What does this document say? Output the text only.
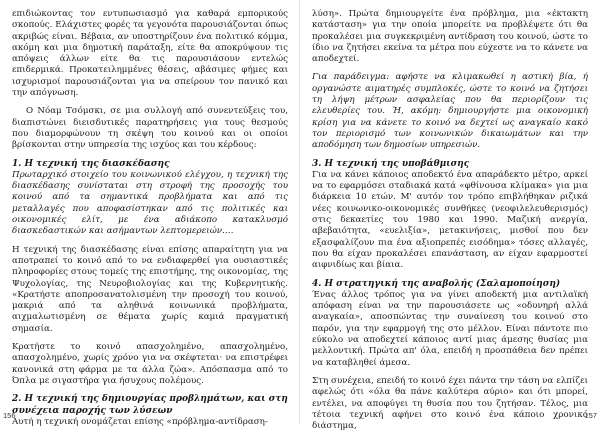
επιδιώκοντας τον εντυπωσιασμό για καθαρά εμπορικούς σκοπούς. Ελάχιστες φορές τα γεγονότα παρουσιάζονται όπως ακριβώς είναι. Βέβαια, αν υποστηρίζουν ένα πολιτικό κόμμα, ακόμη και μια δημοτική παράταξη, είτε θα αποκρύψουν τις απόψεις άλλων είτε θα τις παρουσιάσουν εντελώς επιδερμικά. Προκατειλημμένες θέσεις, αβάσιμες φήμες και ισχυρισμοί παρουσιάζονται για να σπείρουν τον πανικό και την απόγνωση.

Ο Νόαμ Τσόμσκι, σε μια συλλογή από συνεντεύξεις του, διαπιστώνει διεισδυτικές παρατηρήσεις για τους θεσμούς που διαμορφώνουν τη σκέψη του κοινού και οι οποίοι βρίσκονται στην υπηρεσία της ισχύος και του κέρδους:

1. Η τεχνική της διασκέδασης

Πρωταρχικό στοιχείο του κοινωνικού ελέγχου, η τεχνική της διασκέδασης συνίσταται στη στροφή της προσοχής του κοινού από τα σημαντικά προβλήματα και από τις μεταλλαγές που αποφασίστηκαν από τις πολιτικές και οικονομικές ελίτ, με ένα αδιάκοπο κατακλυσμό διασκεδαστικών και ασήμαντων λεπτομερειών.…

Η τεχνική της διασκέδασης είναι επίσης απαραίτητη για να αποτραπεί το κοινό από το να ενδιαφερθεί για ουσιαστικές πληροφορίες στους τομείς της επιστήμης, της οικονομίας, της Ψυχολογίας, της Νευροβιολογίας και της Κυβερνητικής. «Κρατήστε αποπροσανατολισμένη την προσοχή του κοινού, μακριά από τα αληθινά κοινωνικά προβλήματα, αιχμαλωτισμένη σε θέματα χωρίς καμιά πραγματική σημασία.

Κρατήστε το κοινό απασχολημένο, απασχολημένο, απασχολημένο, χωρίς χρόνο για να σκέφτεται· να επιστρέφει κανονικά στη φάρμα με τα άλλα ζώα». Απόσπασμα από το Όπλα με σιγαστήρα για ήσυχους πολέμους.

2. Η τεχνική της δημιουργίας προβλημάτων, και στη συνέχεια παροχής των λύσεων

Αυτή η τεχνική ονομάζεται επίσης «πρόβλημα-αντίδραση-

λύση». Πρώτα δημιουργείτε ένα πρόβλημα, μια «έκτακτη κατάσταση» για την οποία μπορείτε να προβλέψετε ότι θα προκαλέσει μια συγκεκριμένη αντίδραση του κοινού, ώστε το ίδιο να ζητήσει εκείνα τα μέτρα που εύχεστε να το κάνετε να αποδεχτεί.

Για παράδειγμα: αφήστε να κλιμακωθεί η αστική βία, ή οργανώστε αιματηρές συμπλοκές, ώστε το κοινό να ζητήσει τη λήψη μέτρων ασφαλείας που θα περιορίζουν τις ελευθερίες του. Ή, ακόμη: δημιουργήστε μια οικονομική κρίση για να κάνετε το κοινό να δεχτεί ως αναγκαίο κακό τον περιορισμό των κοινωνικών δικαιωμάτων και την αποδόμηση των δημοσίων υπηρεσιών.

3. Η τεχνική της υποβάθμισης

Για να κάνει κάποιος αποδεκτό ένα απαράδεκτο μέτρο, αρκεί να το εφαρμόσει σταδιακά κατά «φθίνουσα κλίμακα» για μια διάρκεια 10 ετών. Μ' αυτόν τον τρόπο επιβλήθηκαν ριζικά νέες κοινωνικο-οικονομικές συνθήκες (νεοφιλελευθερισμός) στις δεκαετίες του 1980 και 1990. Μαζική ανεργία, αβεβαιότητα, «ευελιξία», μετακινήσεις, μισθοί που δεν εξασφαλίζουν πια ένα αξιοπρεπές εισόδημα» τόσες αλλαγές, που θα είχαν προκαλέσει επανάσταση, αν είχαν εφαρμοστεί αιφνιδίως και βίαια.

4. Η στρατηγική της αναβολής (Σαλαμοποίηση)

Ένας άλλος τρόπος για να γίνει αποδεκτή μια αντιλαϊκή απόφαση είναι να την παρουσιάσετε ως «οδυνηρή αλλά αναγκαία», αποσπώντας την συναίνεση του κοινού στο παρόν, για την εφαρμογή της στο μέλλον. Είναι πάντοτε πιο εύκολο να αποδεχτεί κάποιος αντί μιας άμεσης θυσίας μια μελλοντική. Πρώτα απ' όλα, επειδή η προσπάθεια δεν πρέπει να καταβληθεί άμεσα.

Στη συνέχεια, επειδή το κοινό έχει πάντα την τάση να ελπίζει αφελώς ότι «όλα θα πάνε καλύτερα αύριο» και ότι μπορεί, εντέλει, να αποφύγει τη θυσία που του ζητήσαν. Τέλος, μια τέτοια τεχνική αφήνει στο κοινό ένα κάποιο χρονικό διάστημα,

156	157
